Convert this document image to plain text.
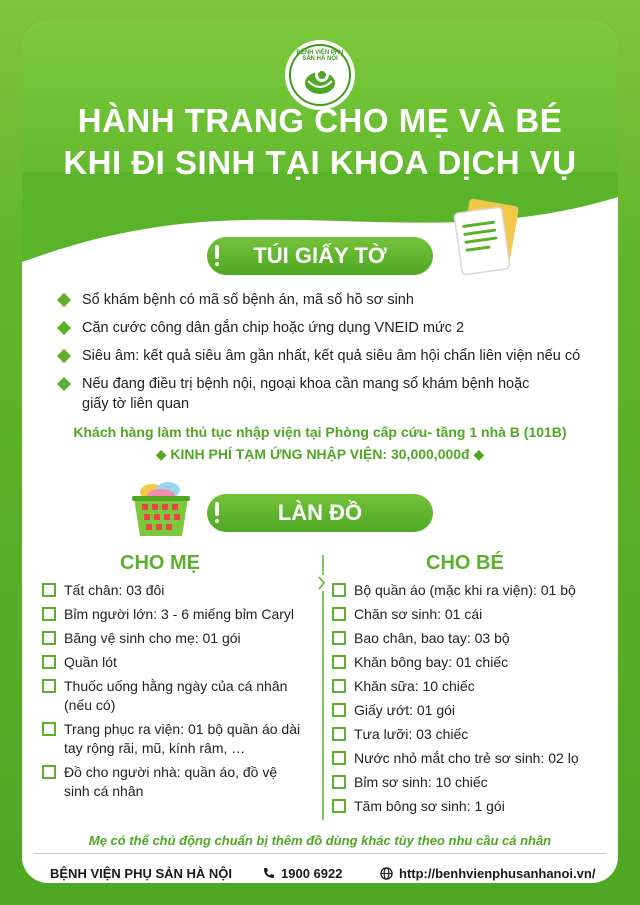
BỆNH VIỆN PHỤ SẢN HÀ NỘI
HÀNH TRANG CHO MẸ VÀ BÉ
KHI ĐI SINH TẠI KHOA DỊCH VỤ
TÚI GIẤY TỜ
Sổ khám bệnh có mã số bệnh án, mã số hồ sơ sinh
Căn cước công dân gắn chip hoặc ứng dụng VNEID mức 2
Siêu âm: kết quả siêu âm gần nhất, kết quả siêu âm hội chẩn liên viện nếu có
Nếu đang điều trị bệnh nội, ngoại khoa cần mang sổ khám bệnh hoặc giấy tờ liên quan
Khách hàng làm thủ tục nhập viện tại Phòng cấp cứu- tầng 1 nhà B (101B)
◆ KINH PHÍ TẠM ỨNG NHẬP VIỆN: 30,000,000đ ◆
LÀN ĐỒ
CHO MẸ	CHO BÉ
Tất chân: 03 đôi
Bỉm người lớn: 3 - 6 miếng bỉm Caryl
Băng vệ sinh cho mẹ: 01 gói
Quần lót
Thuốc uống hằng ngày của cá nhân (nếu có)
Trang phục ra viện: 01 bộ quần áo dài tay rộng rãi, mũ, kính râm, …
Đồ cho người nhà: quần áo, đồ vệ sinh cá nhân
Bộ quần áo (mặc khi ra viện): 01 bộ
Chăn sơ sinh: 01 cái
Bao chân, bao tay: 03 bộ
Khăn bông bay: 01 chiếc
Khăn sữa: 10 chiếc
Giấy ướt: 01 gói
Tưa lưỡi: 03 chiếc
Nước nhỏ mắt cho trẻ sơ sinh: 02 lọ
Bỉm sơ sinh: 10 chiếc
Tăm bông sơ sinh: 1 gói
Mẹ có thể chủ động chuẩn bị thêm đồ dùng khác tùy theo nhu cầu cá nhân
BỆNH VIỆN PHỤ SẢN HÀ NỘI	1900 6922	http://benhvienphusanhanoi.vn/
